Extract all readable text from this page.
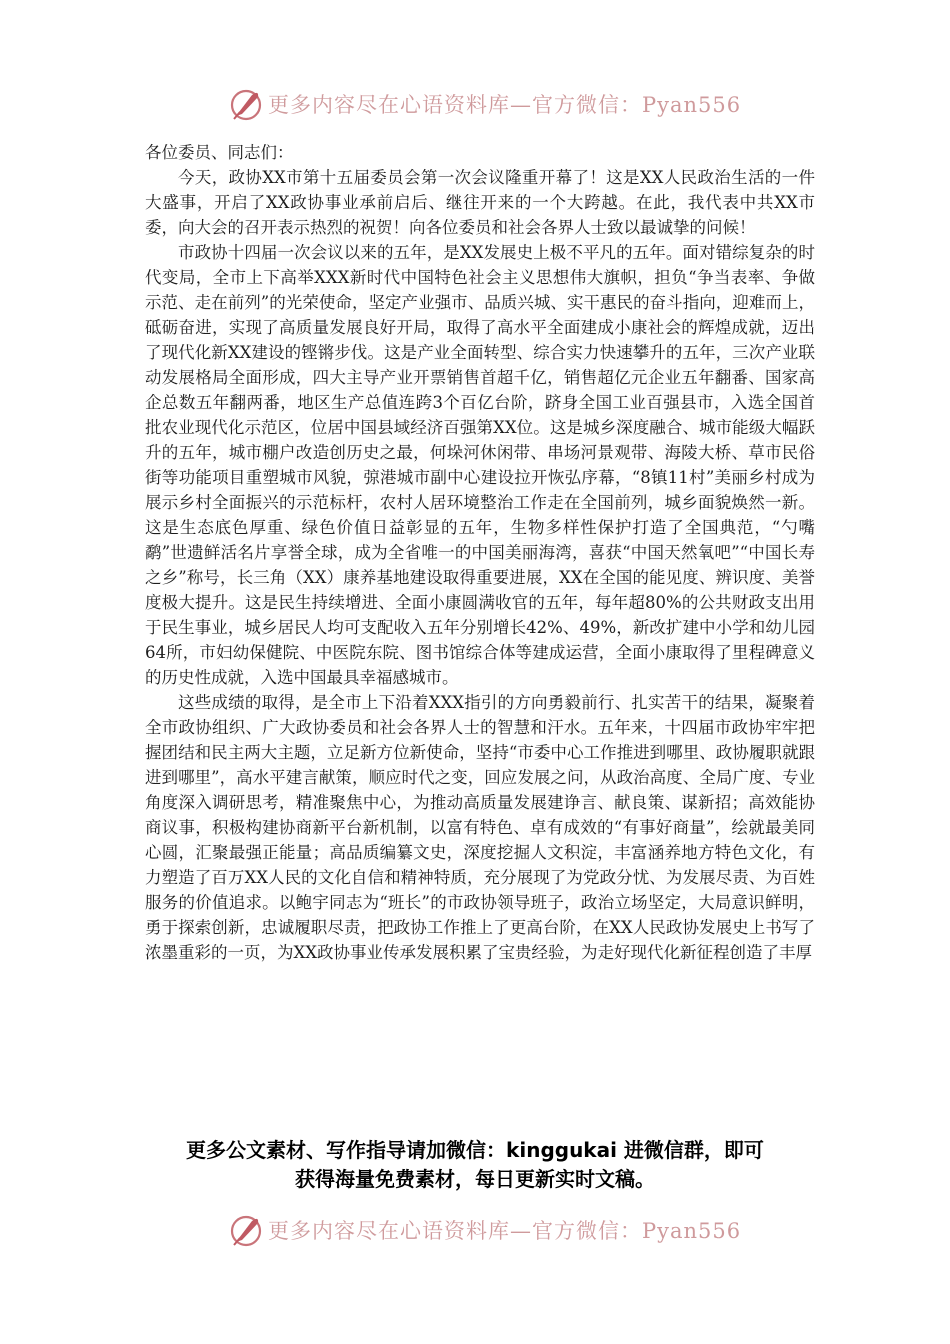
更多内容尽在心语资料库—官方微信：Pyan556

各位委员、同志们：

今天，政协XX市第十五届委员会第一次会议隆重开幕了！这是XX人民政治生活的一件大盛事，开启了XX政协事业承前启后、继往开来的一个大跨越。在此，我代表中共XX市委，向大会的召开表示热烈的祝贺！向各位委员和社会各界人士致以最诚挚的问候！

市政协十四届一次会议以来的五年，是XX发展史上极不平凡的五年。面对错综复杂的时代变局，全市上下高举XXX新时代中国特色社会主义思想伟大旗帜，担负“争当表率、争做示范、走在前列”的光荣使命，坚定产业强市、品质兴城、实干惠民的奋斗指向，迎难而上，砥砺奋进，实现了高质量发展良好开局，取得了高水平全面建成小康社会的辉煌成就，迈出了现代化新XX建设的铿锵步伐。这是产业全面转型、综合实力快速攀升的五年，三次产业联动发展格局全面形成，四大主导产业开票销售首超千亿，销售超亿元企业五年翻番、国家高企总数五年翻两番，地区生产总值连跨3个百亿台阶，跻身全国工业百强县市，入选全国首批农业现代化示范区，位居中国县域经济百强第XX位。这是城乡深度融合、城市能级大幅跃升的五年，城市棚户改造创历史之最，何垛河休闲带、串场河景观带、海陵大桥、草市民俗街等功能项目重塑城市风貌，弶港城市副中心建设拉开恢弘序幕，“8镇11村”美丽乡村成为展示乡村全面振兴的示范标杆，农村人居环境整治工作走在全国前列，城乡面貌焕然一新。这是生态底色厚重、绿色价值日益彰显的五年，生物多样性保护打造了全国典范，“勺嘴鹬”世遗鲜活名片享誉全球，成为全省唯一的中国美丽海湾，喜获“中国天然氧吧”“中国长寿之乡”称号，长三角（XX）康养基地建设取得重要进展，XX在全国的能见度、辨识度、美誉度极大提升。这是民生持续增进、全面小康圆满收官的五年，每年超80%的公共财政支出用于民生事业，城乡居民人均可支配收入五年分别增长42%、49%，新改扩建中小学和幼儿园64所，市妇幼保健院、中医院东院、图书馆综合体等建成运营，全面小康取得了里程碑意义的历史性成就，入选中国最具幸福感城市。

这些成绩的取得，是全市上下沿着XXX指引的方向勇毅前行、扎实苦干的结果，凝聚着全市政协组织、广大政协委员和社会各界人士的智慧和汗水。五年来，十四届市政协牢牢把握团结和民主两大主题，立足新方位新使命，坚持“市委中心工作推进到哪里、政协履职就跟进到哪里”，高水平建言献策，顺应时代之变，回应发展之问，从政治高度、全局广度、专业角度深入调研思考，精准聚焦中心，为推动高质量发展建诤言、献良策、谋新招；高效能协商议事，积极构建协商新平台新机制，以富有特色、卓有成效的“有事好商量”，绘就最美同心圆，汇聚最强正能量；高品质编纂文史，深度挖掘人文积淀，丰富涵养地方特色文化，有力塑造了百万XX人民的文化自信和精神特质，充分展现了为党政分忧、为发展尽责、为百姓服务的价值追求。以鲍宇同志为“班长”的市政协领导班子，政治立场坚定，大局意识鲜明，勇于探索创新，忠诚履职尽责，把政协工作推上了更高台阶，在XX人民政协发展史上书写了浓墨重彩的一页，为XX政协事业传承发展积累了宝贵经验，为走好现代化新征程创造了丰厚

更多公文素材、写作指导请加微信：kinggukai 进微信群，即可
获得海量免费素材，每日更新实时文稿。
更多内容尽在心语资料库—官方微信：Pyan556
